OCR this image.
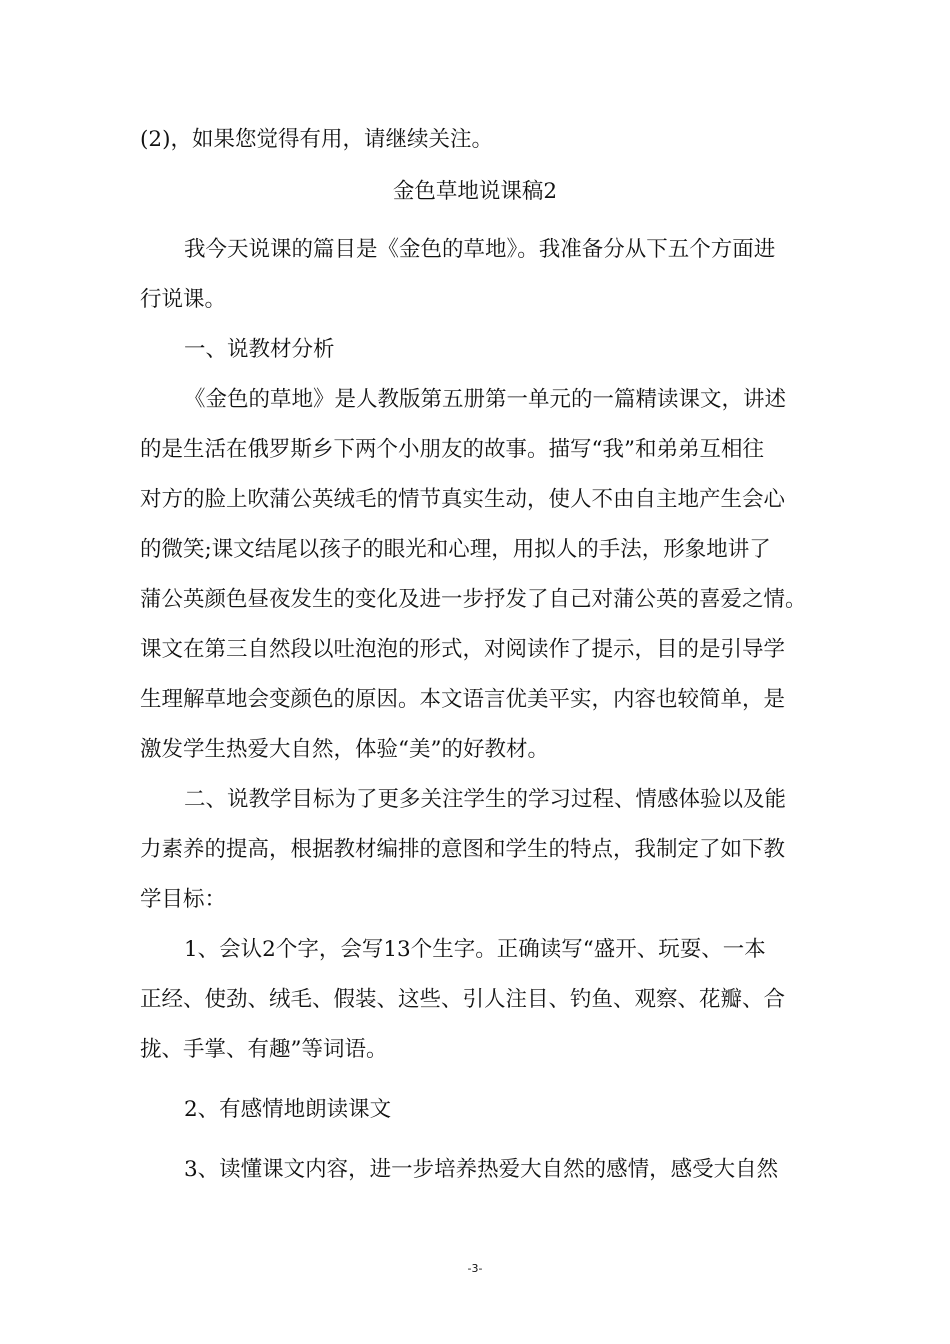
(2)，如果您觉得有用，请继续关注。
金色草地说课稿2
我今天说课的篇目是《金色的草地》。我准备分从下五个方面进
行说课。
一、说教材分析
《金色的草地》是人教版第五册第一单元的一篇精读课文，讲述
的是生活在俄罗斯乡下两个小朋友的故事。描写“我”和弟弟互相往
对方的脸上吹蒲公英绒毛的情节真实生动，使人不由自主地产生会心
的微笑;课文结尾以孩子的眼光和心理，用拟人的手法，形象地讲了
蒲公英颜色昼夜发生的变化及进一步抒发了自己对蒲公英的喜爱之情。
课文在第三自然段以吐泡泡的形式，对阅读作了提示，目的是引导学
生理解草地会变颜色的原因。本文语言优美平实，内容也较简单，是
激发学生热爱大自然，体验“美”的好教材。
二、说教学目标为了更多关注学生的学习过程、情感体验以及能
力素养的提高，根据教材编排的意图和学生的特点，我制定了如下教
学目标：
1、会认2个字，会写13个生字。正确读写“盛开、玩耍、一本
正经、使劲、绒毛、假装、这些、引人注目、钓鱼、观察、花瓣、合
拢、手掌、有趣”等词语。
2、有感情地朗读课文
3、读懂课文内容，进一步培养热爱大自然的感情，感受大自然
-3-
